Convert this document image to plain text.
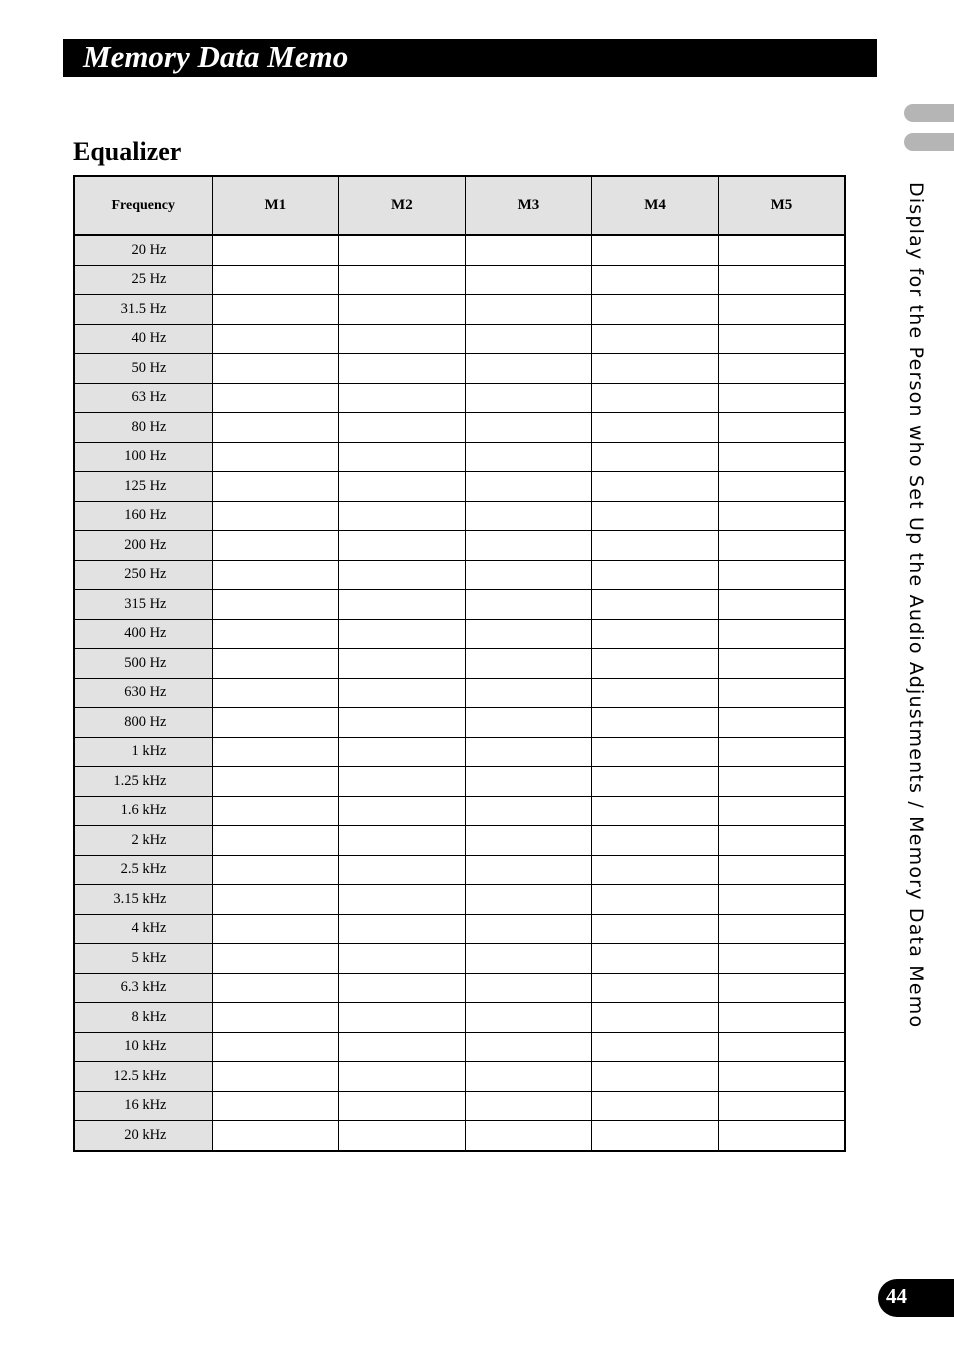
Memory Data Memo
Display for the Person who Set Up the Audio Adjustments / Memory Data Memo
Equalizer
Frequency	M1	M2	M3	M4	M5
20 Hz					
25 Hz					
31.5 Hz					
40 Hz					
50 Hz					
63 Hz					
80 Hz					
100 Hz					
125 Hz					
160 Hz					
200 Hz					
250 Hz					
315 Hz					
400 Hz					
500 Hz					
630 Hz					
800 Hz					
1 kHz					
1.25 kHz					
1.6 kHz					
2 kHz					
2.5 kHz					
3.15 kHz					
4 kHz					
5 kHz					
6.3 kHz					
8 kHz					
10 kHz					
12.5 kHz					
16 kHz					
20 kHz					
44
